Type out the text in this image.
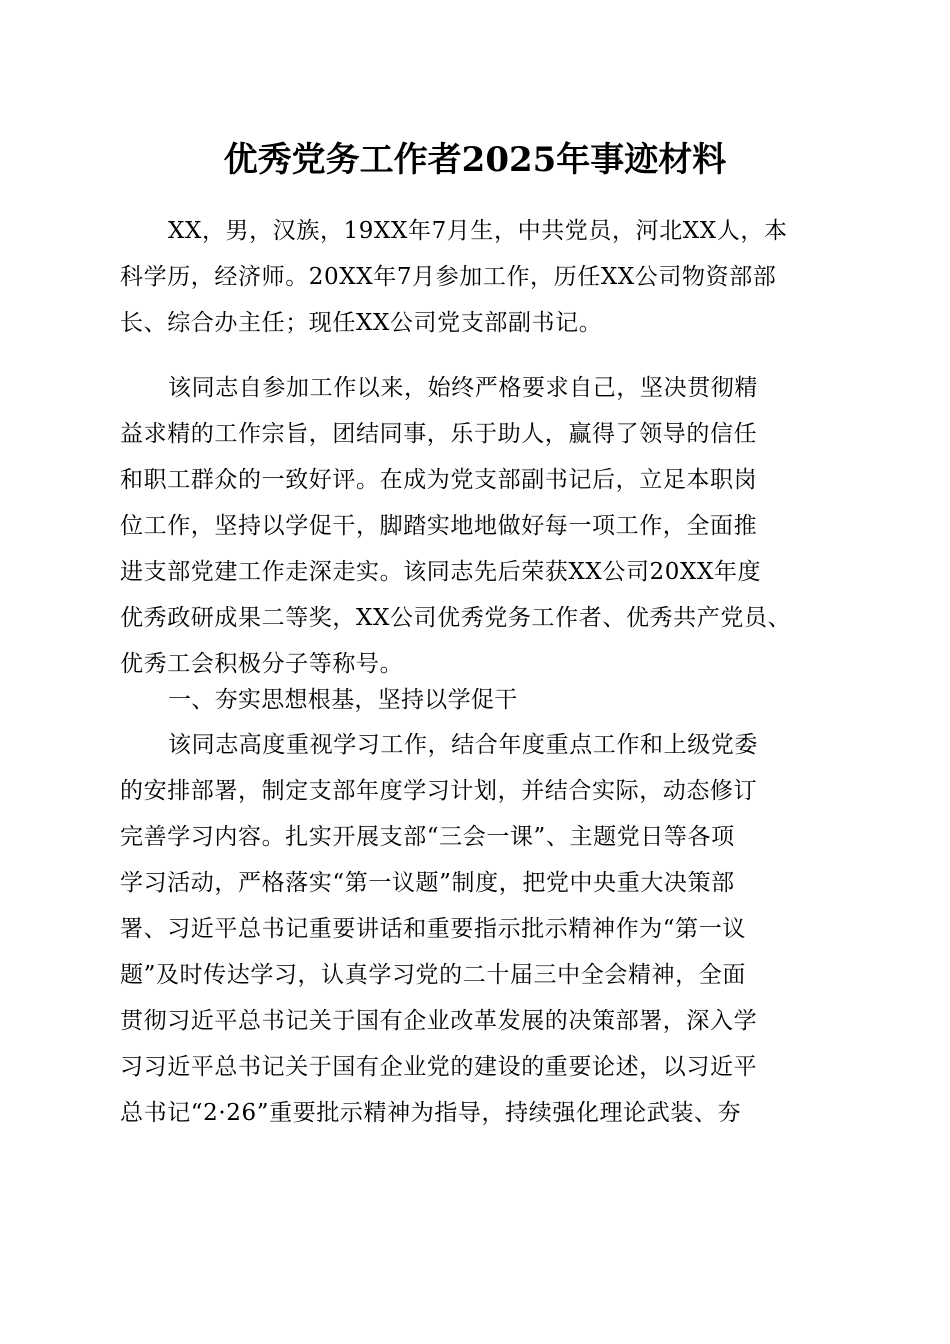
优秀党务工作者2025年事迹材料
XX，男，汉族，19XX年7月生，中共党员，河北XX人，本
科学历，经济师。20XX年7月参加工作，历任XX公司物资部部
长、综合办主任；现任XX公司党支部副书记。
该同志自参加工作以来，始终严格要求自己，坚决贯彻精
益求精的工作宗旨，团结同事，乐于助人，赢得了领导的信任
和职工群众的一致好评。在成为党支部副书记后，立足本职岗
位工作，坚持以学促干，脚踏实地地做好每一项工作，全面推
进支部党建工作走深走实。该同志先后荣获XX公司20XX年度
优秀政研成果二等奖，XX公司优秀党务工作者、优秀共产党员、
优秀工会积极分子等称号。
一、夯实思想根基，坚持以学促干
该同志高度重视学习工作，结合年度重点工作和上级党委
的安排部署，制定支部年度学习计划，并结合实际，动态修订
完善学习内容。扎实开展支部“三会一课”、主题党日等各项
学习活动，严格落实“第一议题”制度，把党中央重大决策部
署、习近平总书记重要讲话和重要指示批示精神作为“第一议
题”及时传达学习，认真学习党的二十届三中全会精神，全面
贯彻习近平总书记关于国有企业改革发展的决策部署，深入学
习习近平总书记关于国有企业党的建设的重要论述，以习近平
总书记“2·26”重要批示精神为指导，持续强化理论武装、夯
